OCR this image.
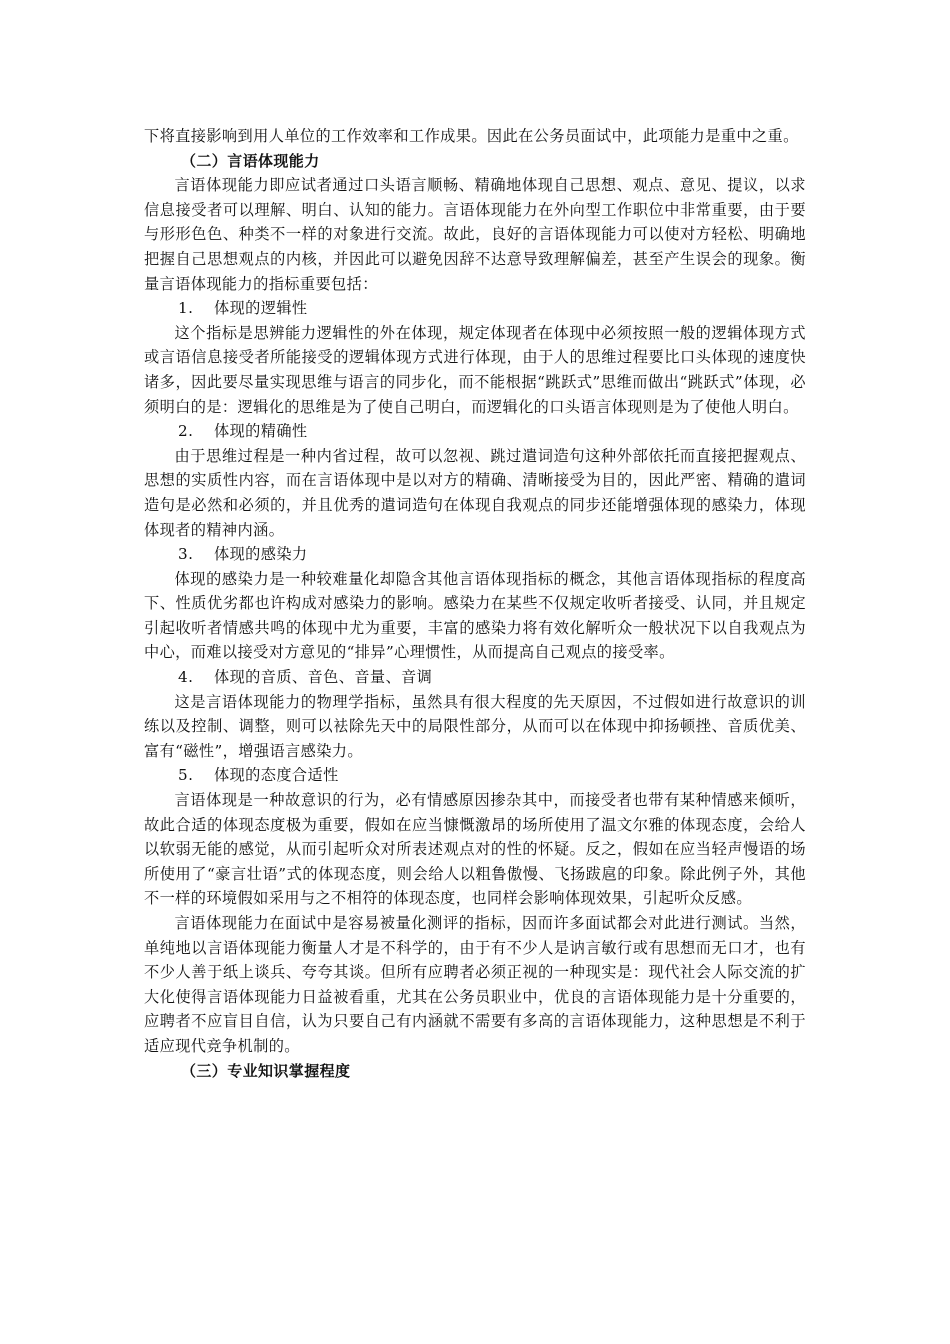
下将直接影响到用人单位的工作效率和工作成果。因此在公务员面试中，此项能力是重中之重。

（二）言语体现能力

言语体现能力即应试者通过口头语言顺畅、精确地体现自己思想、观点、意见、提议，以求信息接受者可以理解、明白、认知的能力。言语体现能力在外向型工作职位中非常重要，由于要与形形色色、种类不一样的对象进行交流。故此，良好的言语体现能力可以使对方轻松、明确地把握自己思想观点的内核，并因此可以避免因辞不达意导致理解偏差，甚至产生误会的现象。衡量言语体现能力的指标重要包括：

1. 体现的逻辑性

这个指标是思辨能力逻辑性的外在体现，规定体现者在体现中必须按照一般的逻辑体现方式或言语信息接受者所能接受的逻辑体现方式进行体现，由于人的思维过程要比口头体现的速度快诸多，因此要尽量实现思维与语言的同步化，而不能根据“跳跃式”思维而做出“跳跃式”体现，必须明白的是：逻辑化的思维是为了使自己明白，而逻辑化的口头语言体现则是为了使他人明白。

2. 体现的精确性

由于思维过程是一种内省过程，故可以忽视、跳过遣词造句这种外部依托而直接把握观点、思想的实质性内容，而在言语体现中是以对方的精确、清晰接受为目的，因此严密、精确的遣词造句是必然和必须的，并且优秀的遣词造句在体现自我观点的同步还能增强体现的感染力，体现体现者的精神内涵。

3. 体现的感染力

体现的感染力是一种较难量化却隐含其他言语体现指标的概念，其他言语体现指标的程度高下、性质优劣都也许构成对感染力的影响。感染力在某些不仅规定收听者接受、认同，并且规定引起收听者情感共鸣的体现中尤为重要，丰富的感染力将有效化解听众一般状况下以自我观点为中心，而难以接受对方意见的“排异”心理惯性，从而提高自己观点的接受率。

4. 体现的音质、音色、音量、音调

这是言语体现能力的物理学指标，虽然具有很大程度的先天原因，不过假如进行故意识的训练以及控制、调整，则可以袪除先天中的局限性部分，从而可以在体现中抑扬顿挫、音质优美、富有“磁性”，增强语言感染力。

5. 体现的态度合适性

言语体现是一种故意识的行为，必有情感原因掺杂其中，而接受者也带有某种情感来倾听，故此合适的体现态度极为重要，假如在应当慷慨激昂的场所使用了温文尔雅的体现态度，会给人以软弱无能的感觉，从而引起听众对所表述观点对的性的怀疑。反之，假如在应当轻声慢语的场所使用了“豪言壮语”式的体现态度，则会给人以粗鲁傲慢、飞扬跋扈的印象。除此例子外，其他不一样的环境假如采用与之不相符的体现态度，也同样会影响体现效果，引起听众反感。

言语体现能力在面试中是容易被量化测评的指标，因而许多面试都会对此进行测试。当然，单纯地以言语体现能力衡量人才是不科学的，由于有不少人是讷言敏行或有思想而无口才，也有不少人善于纸上谈兵、夸夸其谈。但所有应聘者必须正视的一种现实是：现代社会人际交流的扩大化使得言语体现能力日益被看重，尤其在公务员职业中，优良的言语体现能力是十分重要的，应聘者不应盲目自信，认为只要自己有内涵就不需要有多高的言语体现能力，这种思想是不利于适应现代竞争机制的。

（三）专业知识掌握程度
